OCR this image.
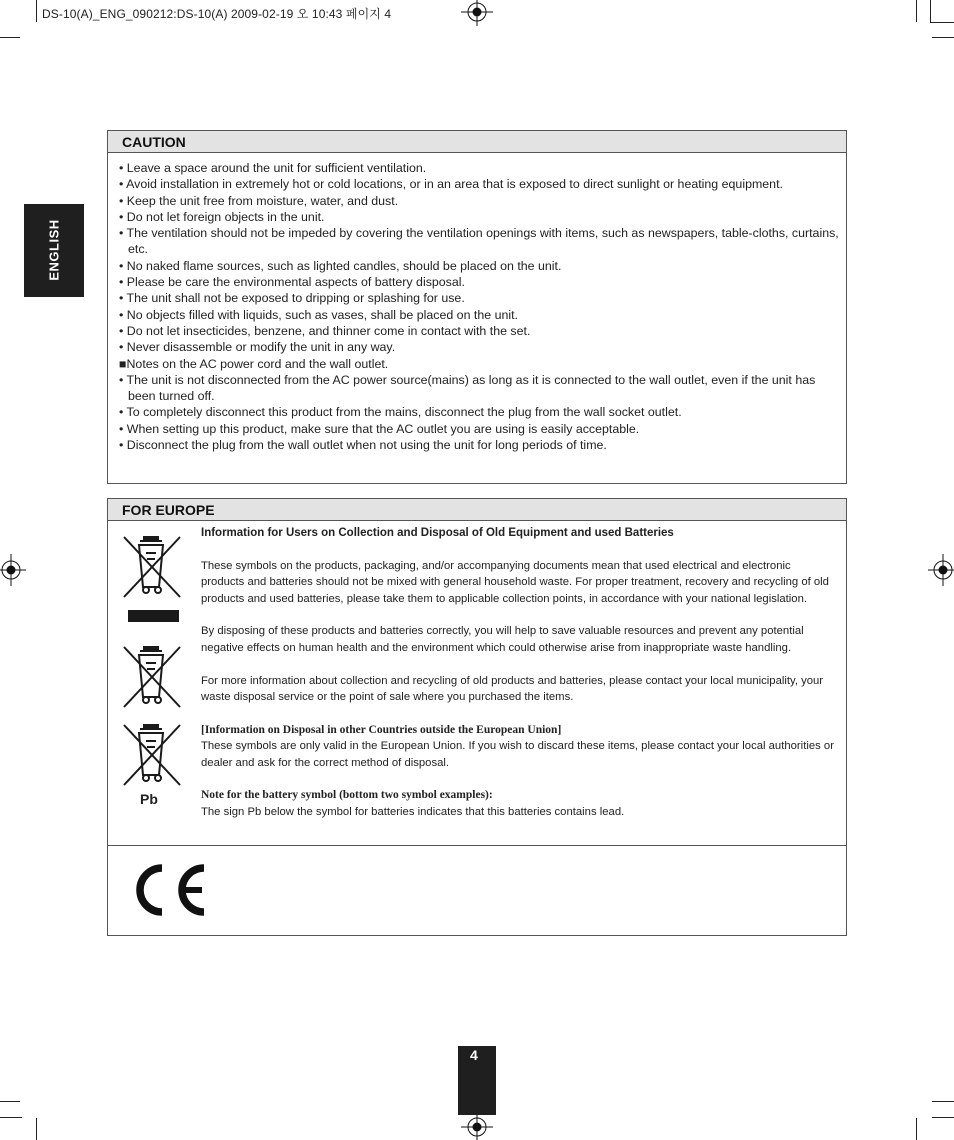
DS-10(A)_ENG_090212:DS-10(A) 2009-02-19 오 10:43 페이지 4
ENGLISH
CAUTION
• Leave a space around the unit for sufficient ventilation.
• Avoid installation in extremely hot or cold locations, or in an area that is exposed to direct sunlight or heating equipment.
• Keep the unit free from moisture, water, and dust.
• Do not let foreign objects in the unit.
• The ventilation should not be impeded by covering the ventilation openings with items, such as newspapers, table-cloths, curtains, etc.
• No naked flame sources, such as lighted candles, should be placed on the unit.
• Please be care the environmental aspects of battery disposal.
• The unit shall not be exposed to dripping or splashing for use.
• No objects filled with liquids, such as vases, shall be placed on the unit.
• Do not let insecticides, benzene, and thinner come in contact with the set.
• Never disassemble or modify the unit in any way.
■Notes on the AC power cord and the wall outlet.
• The unit is not disconnected from the AC power source(mains) as long as it is connected to the wall outlet, even if the unit has been turned off.
• To completely disconnect this product from the mains, disconnect the plug from the wall socket outlet.
• When setting up this product, make sure that the AC outlet you are using is easily acceptable.
• Disconnect the plug from the wall outlet when not using the unit for long periods of time.
FOR EUROPE
Pb

Information for Users on Collection and Disposal of Old Equipment and used Batteries

These symbols on the products, packaging, and/or accompanying documents mean that used electrical and electronic products and batteries should not be mixed with general household waste. For proper treatment, recovery and recycling of old products and used batteries, please take them to applicable collection points, in accordance with your national legislation.

By disposing of these products and batteries correctly, you will help to save valuable resources and prevent any potential negative effects on human health and the environment which could otherwise arise from inappropriate waste handling.

For more information about collection and recycling of old products and batteries, please contact your local municipality, your waste disposal service or the point of sale where you purchased the items.

[Information on Disposal in other Countries outside the European Union]

These symbols are only valid in the European Union. If you wish to discard these items, please contact your local authorities or dealer and ask for the correct method of disposal.

Note for the battery symbol (bottom two symbol examples):

The sign Pb below the symbol for batteries indicates that this batteries contains lead.

4
